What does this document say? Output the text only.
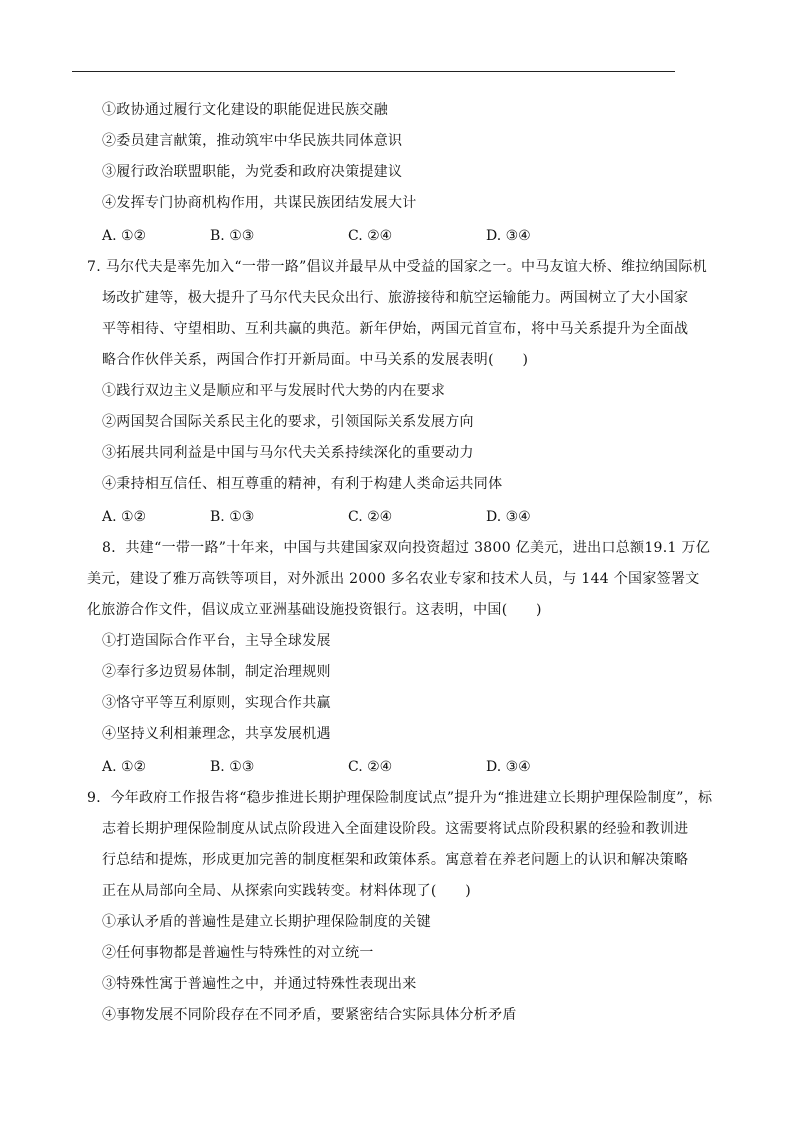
①政协通过履行文化建设的职能促进民族交融
②委员建言献策，推动筑牢中华民族共同体意识
③履行政治联盟职能，为党委和政府决策提建议
④发挥专门协商机构作用，共谋民族团结发展大计
A. ①②	B. ①③	C. ②④	D. ③④
7. 马尔代夫是率先加入“一带一路”倡议并最早从中受益的国家之一。中马友谊大桥、维拉纳国际机
场改扩建等，极大提升了马尔代夫民众出行、旅游接待和航空运输能力。两国树立了大小国家
平等相待、守望相助、互利共赢的典范。新年伊始，两国元首宣布，将中马关系提升为全面战
略合作伙伴关系，两国合作打开新局面。中马关系的发展表明(　　)
①践行双边主义是顺应和平与发展时代大势的内在要求
②两国契合国际关系民主化的要求，引领国际关系发展方向
③拓展共同利益是中国与马尔代夫关系持续深化的重要动力
④秉持相互信任、相互尊重的精神，有利于构建人类命运共同体
A. ①②	B. ①③	C. ②④	D. ③④
8．共建“一带一路”十年来，中国与共建国家双向投资超过 3800 亿美元，进出口总额19.1 万亿
美元，建设了雅万高铁等项目，对外派出 2000 多名农业专家和技术人员，与 144 个国家签署文
化旅游合作文件，倡议成立亚洲基础设施投资银行。这表明，中国(　　)
①打造国际合作平台，主导全球发展
②奉行多边贸易体制，制定治理规则
③恪守平等互利原则，实现合作共赢
④坚持义利相兼理念，共享发展机遇
A. ①②	B. ①③	C. ②④	D. ③④
9．今年政府工作报告将“稳步推进长期护理保险制度试点”提升为“推进建立长期护理保险制度”，标
志着长期护理保险制度从试点阶段进入全面建设阶段。这需要将试点阶段积累的经验和教训进
行总结和提炼，形成更加完善的制度框架和政策体系。寓意着在养老问题上的认识和解决策略
正在从局部向全局、从探索向实践转变。材料体现了(　　)
①承认矛盾的普遍性是建立长期护理保险制度的关键
②任何事物都是普遍性与特殊性的对立统一
③特殊性寓于普遍性之中，并通过特殊性表现出来
④事物发展不同阶段存在不同矛盾，要紧密结合实际具体分析矛盾
